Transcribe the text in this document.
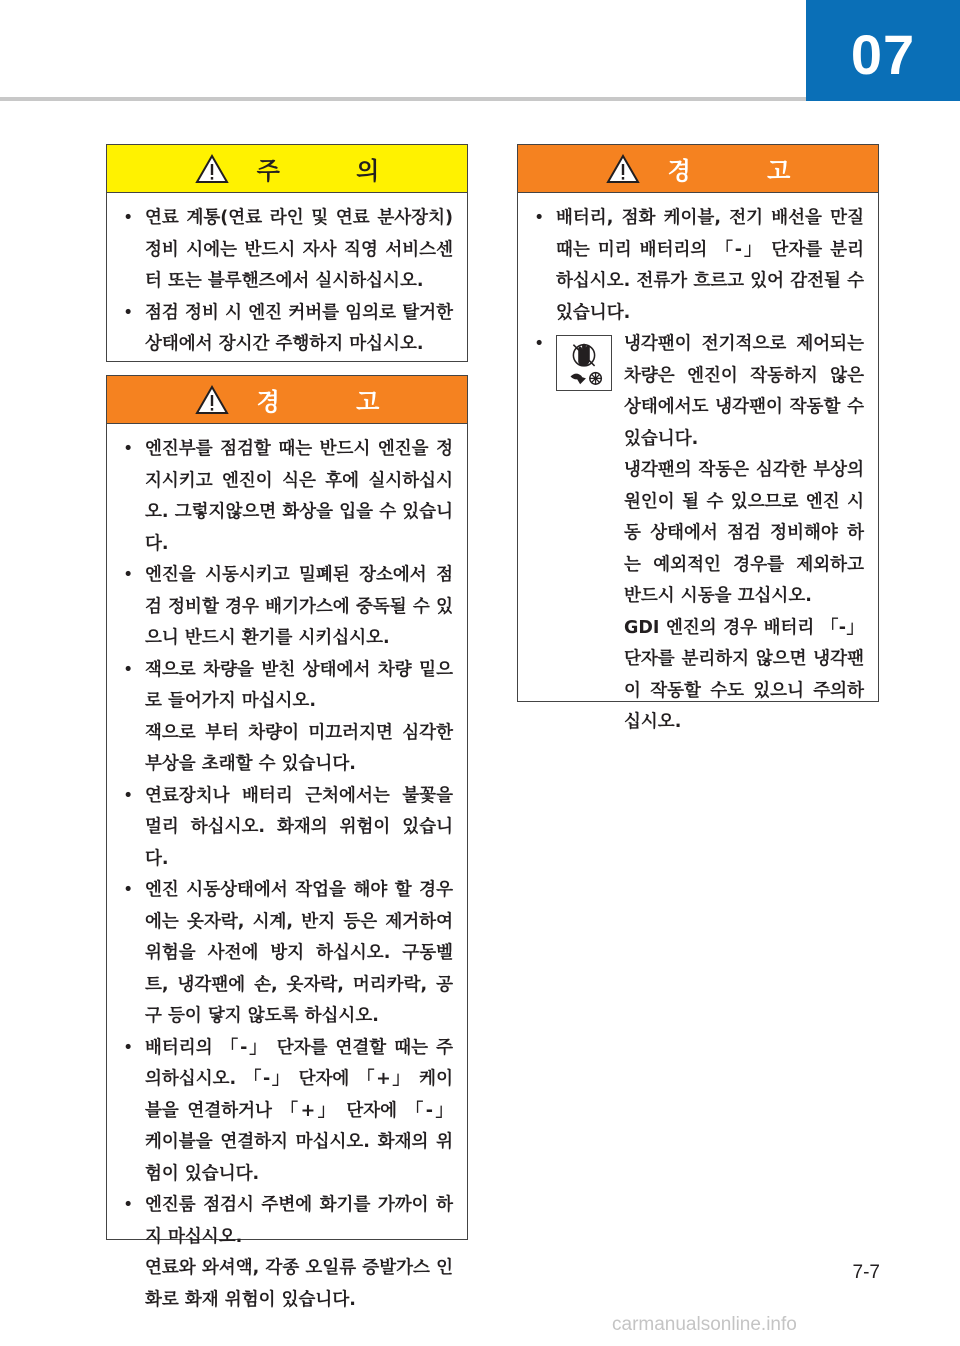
07
주 의
• 연료 계통(연료 라인 및 연료 분사장치) 정비 시에는 반드시 자사 직영 서비스센터 또는 블루핸즈에서 실시하십시오.
• 점검 정비 시 엔진 커버를 임의로 탈거한 상태에서 장시간 주행하지 마십시오.
경 고

• 엔진부를 점검할 때는 반드시 엔진을 정지시키고 엔진이 식은 후에 실시하십시오. 그렇지않으면 화상을 입을 수 있습니다.

• 엔진을 시동시키고 밀폐된 장소에서 점검 정비할 경우 배기가스에 중독될 수 있으니 반드시 환기를 시키십시오.

• 잭으로 차량을 받친 상태에서 차량 밑으로 들어가지 마십시오.

잭으로 부터 차량이 미끄러지면 심각한 부상을 초래할 수 있습니다.

• 연료장치나 배터리 근처에서는 불꽃을 멀리 하십시오. 화재의 위험이 있습니다.

• 엔진 시동상태에서 작업을 해야 할 경우에는 옷자락, 시계, 반지 등은 제거하여 위험을 사전에 방지 하십시오. 구동벨트, 냉각팬에 손, 옷자락, 머리카락, 공구 등이 닿지 않도록 하십시오.

• 배터리의 「-」 단자를 연결할 때는 주의하십시오. 「-」 단자에 「+」 케이블을 연결하거나 「+」 단자에 「-」 케이블을 연결하지 마십시오. 화재의 위험이 있습니다.

• 엔진룸 점검시 주변에 화기를 가까이 하지 마십시오.

연료와 와셔액, 각종 오일류 증발가스 인화로 화재 위험이 있습니다.

경 고
• 배터리, 점화 케이블, 전기 배선을 만질 때는 미리 배터리의 「-」 단자를 분리하십시오. 전류가 흐르고 있어 감전될 수 있습니다.

• 냉각팬이 전기적으로 제어되는 차량은 엔진이 작동하지 않은 상태에서도 냉각팬이 작동할 수 있습니다.

냉각팬의 작동은 심각한 부상의 원인이 될 수 있으므로 엔진 시동 상태에서 점검 정비해야 하는 예외적인 경우를 제외하고 반드시 시동을 끄십시오.

GDI 엔진의 경우 배터리 「-」 단자를 분리하지 않으면 냉각팬이 작동할 수도 있으니 주의하십시오.

7-7
carmanualsonline.info
